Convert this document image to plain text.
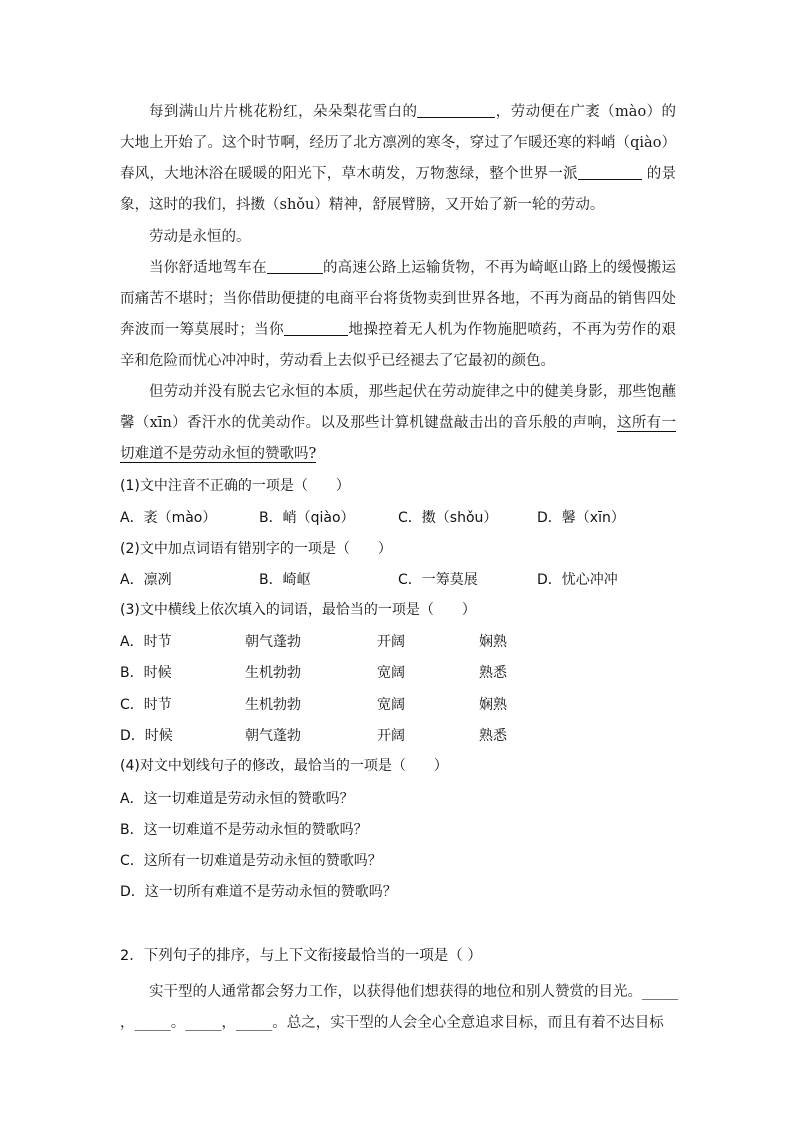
每到满山片片桃花粉红，朵朵梨花雪白的	，劳动便在广袤（mào）的大地上开始了。这个时节啊，经历了北方凛冽的寒冬，穿过了乍暖还寒的料峭（qiào）春风，大地沐浴在暖暖的阳光下，草木萌发，万物葱绿，整个世界一派	的景象，这时的我们，抖擞（shǒu）精神，舒展臂膀，又开始了新一轮的劳动。

劳动是永恒的。

当你舒适地驾车在	的高速公路上运输货物，不再为崎岖山路上的缓慢搬运而痛苦不堪时；当你借助便捷的电商平台将货物卖到世界各地，不再为商品的销售四处奔波而一筹莫展时；当你	地操控着无人机为作物施肥喷药，不再为劳作的艰辛和危险而忧心冲冲时，劳动看上去似乎已经褪去了它最初的颜色。

但劳动并没有脱去它永恒的本质，那些起伏在劳动旋律之中的健美身影，那些饱蘸馨（xīn）香汗水的优美动作。以及那些计算机键盘敲击出的音乐般的声响，这所有一切难道不是劳动永恒的赞歌吗?

(1)文中注音不正确的一项是（　　）
A．袤（mào）	B．峭（qiào）	C．擞（shǒu）	D．馨（xīn）
(2)文中加点词语有错别字的一项是（　　）
A．凛冽	B．崎岖	C．一筹莫展	D．忧心冲冲
(3)文中横线上依次填入的词语，最恰当的一项是（　　）
A．时节	朝气蓬勃	开阔	娴熟
B．时候	生机勃勃	宽阔	熟悉
C．时节	生机勃勃	宽阔	娴熟
D．时候	朝气蓬勃	开阔	熟悉
(4)对文中划线句子的修改，最恰当的一项是（　　）
A．这一切难道是劳动永恒的赞歌吗？
B．这一切难道不是劳动永恒的赞歌吗？
C．这所有一切难道是劳动永恒的赞歌吗？
D．这一切所有难道不是劳动永恒的赞歌吗？
2．下列句子的排序，与上下文衔接最恰当的一项是（ ）
实干型的人通常都会努力工作，以获得他们想获得的地位和别人赞赏的目光。_____
，_____。_____，_____。总之，实干型的人会全心全意追求目标，而且有着不达目标
